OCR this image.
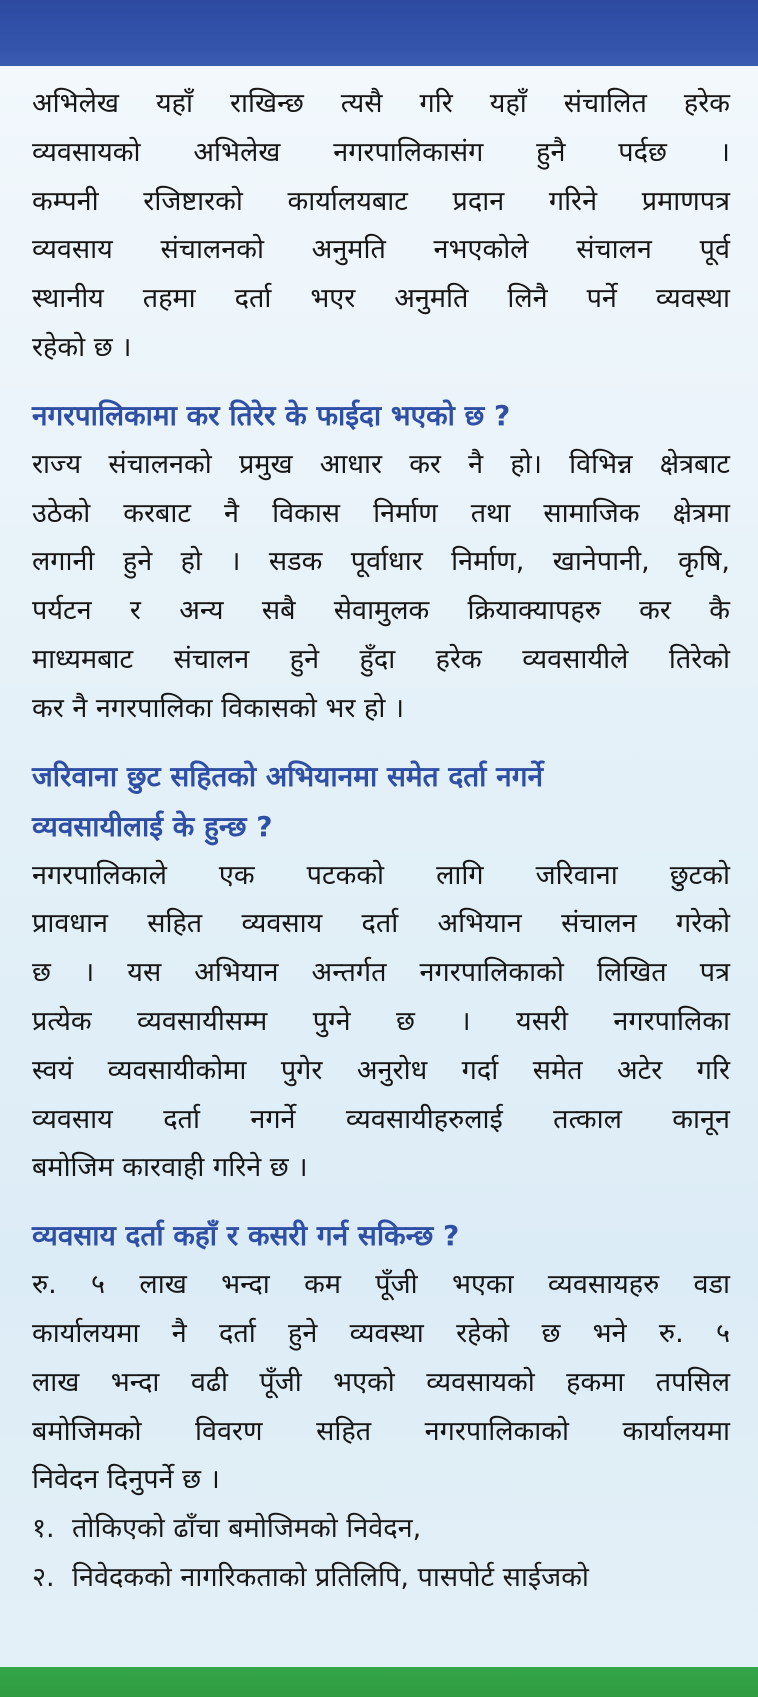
अभिलेख यहाँ राखिन्छ त्यसै गरि यहाँ संचालित हरेक
व्यवसायको अभिलेख नगरपालिकासंग हुनै पर्दछ ।
कम्पनी रजिष्टारको कार्यालयबाट प्रदान गरिने प्रमाणपत्र
व्यवसाय संचालनको अनुमति नभएकोले संचालन पूर्व
स्थानीय तहमा दर्ता भएर अनुमति लिनै पर्ने व्यवस्था
रहेको छ ।
नगरपालिकामा कर तिरेर के फाईदा भएको छ ?
राज्य संचालनको प्रमुख आधार कर नै हो। विभिन्न क्षेत्रबाट
उठेको करबाट नै विकास निर्माण तथा सामाजिक क्षेत्रमा
लगानी हुने हो । सडक पूर्वाधार निर्माण, खानेपानी, कृषि,
पर्यटन र अन्य सबै सेवामुलक क्रियाक्यापहरु कर कै
माध्यमबाट संचालन हुने हुँदा हरेक व्यवसायीले तिरेको
कर नै नगरपालिका विकासको भर हो ।
जरिवाना छुट सहितको अभियानमा समेत दर्ता नगर्ने
व्यवसायीलाई के हुन्छ ?
नगरपालिकाले एक पटकको लागि जरिवाना छुटको
प्रावधान सहित व्यवसाय दर्ता अभियान संचालन गरेको
छ । यस अभियान अन्तर्गत नगरपालिकाको लिखित पत्र
प्रत्येक व्यवसायीसम्म पुग्ने छ । यसरी नगरपालिका
स्वयं व्यवसायीकोमा पुगेर अनुरोध गर्दा समेत अटेर गरि
व्यवसाय दर्ता नगर्ने व्यवसायीहरुलाई तत्काल कानून
बमोजिम कारवाही गरिने छ ।
व्यवसाय दर्ता कहाँ र कसरी गर्न सकिन्छ ?
रु. ५ लाख भन्दा कम पूँजी भएका व्यवसायहरु वडा
कार्यालयमा नै दर्ता हुने व्यवस्था रहेको छ भने रु. ५
लाख भन्दा वढी पूँजी भएको व्यवसायको हकमा तपसिल
बमोजिमको विवरण सहित नगरपालिकाको कार्यालयमा
निवेदन दिनुपर्ने छ ।
१. तोकिएको ढाँचा बमोजिमको निवेदन,
२. निवेदकको नागरिकताको प्रतिलिपि, पासपोर्ट साईजको
